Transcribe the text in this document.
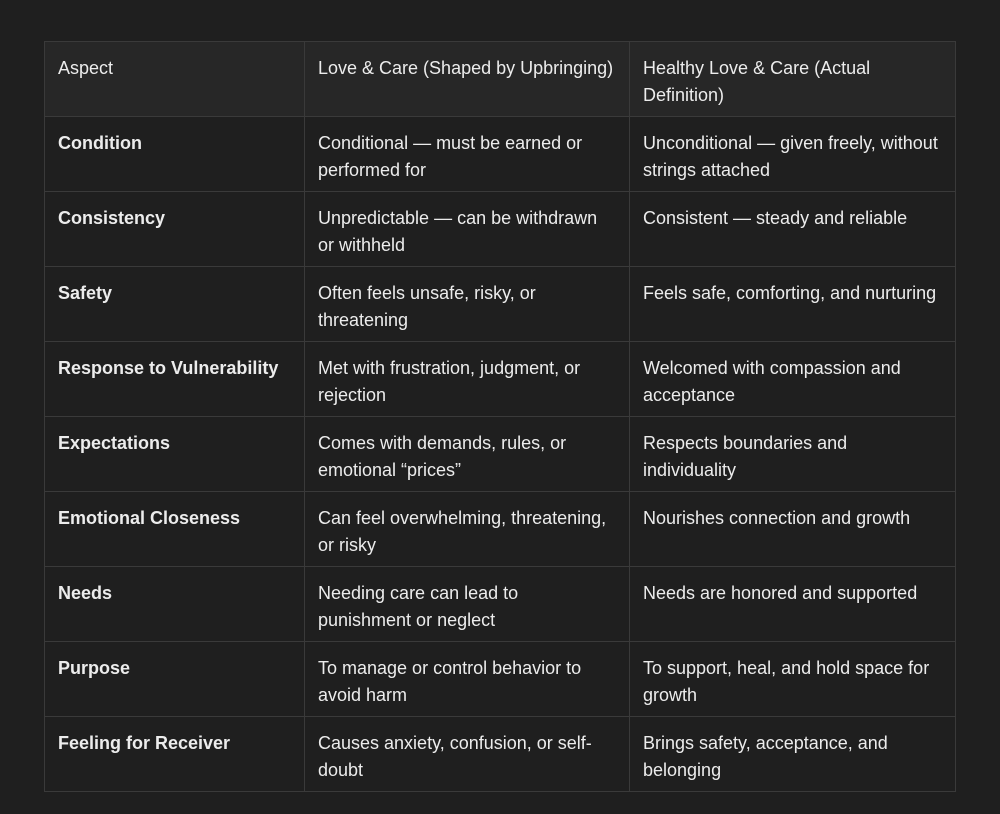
Aspect	Love & Care (Shaped by Upbringing)	Healthy Love & Care (Actual Definition)
Condition	Conditional — must be earned or performed for	Unconditional — given freely, without strings attached
Consistency	Unpredictable — can be withdrawn or withheld	Consistent — steady and reliable
Safety	Often feels unsafe, risky, or threatening	Feels safe, comforting, and nurturing
Response to Vulnerability	Met with frustration, judgment, or rejection	Welcomed with compassion and acceptance
Expectations	Comes with demands, rules, or emotional “prices”	Respects boundaries and individuality
Emotional Closeness	Can feel overwhelming, threatening, or risky	Nourishes connection and growth
Needs	Needing care can lead to punishment or neglect	Needs are honored and supported
Purpose	To manage or control behavior to avoid harm	To support, heal, and hold space for growth
Feeling for Receiver	Causes anxiety, confusion, or self-doubt	Brings safety, acceptance, and belonging
